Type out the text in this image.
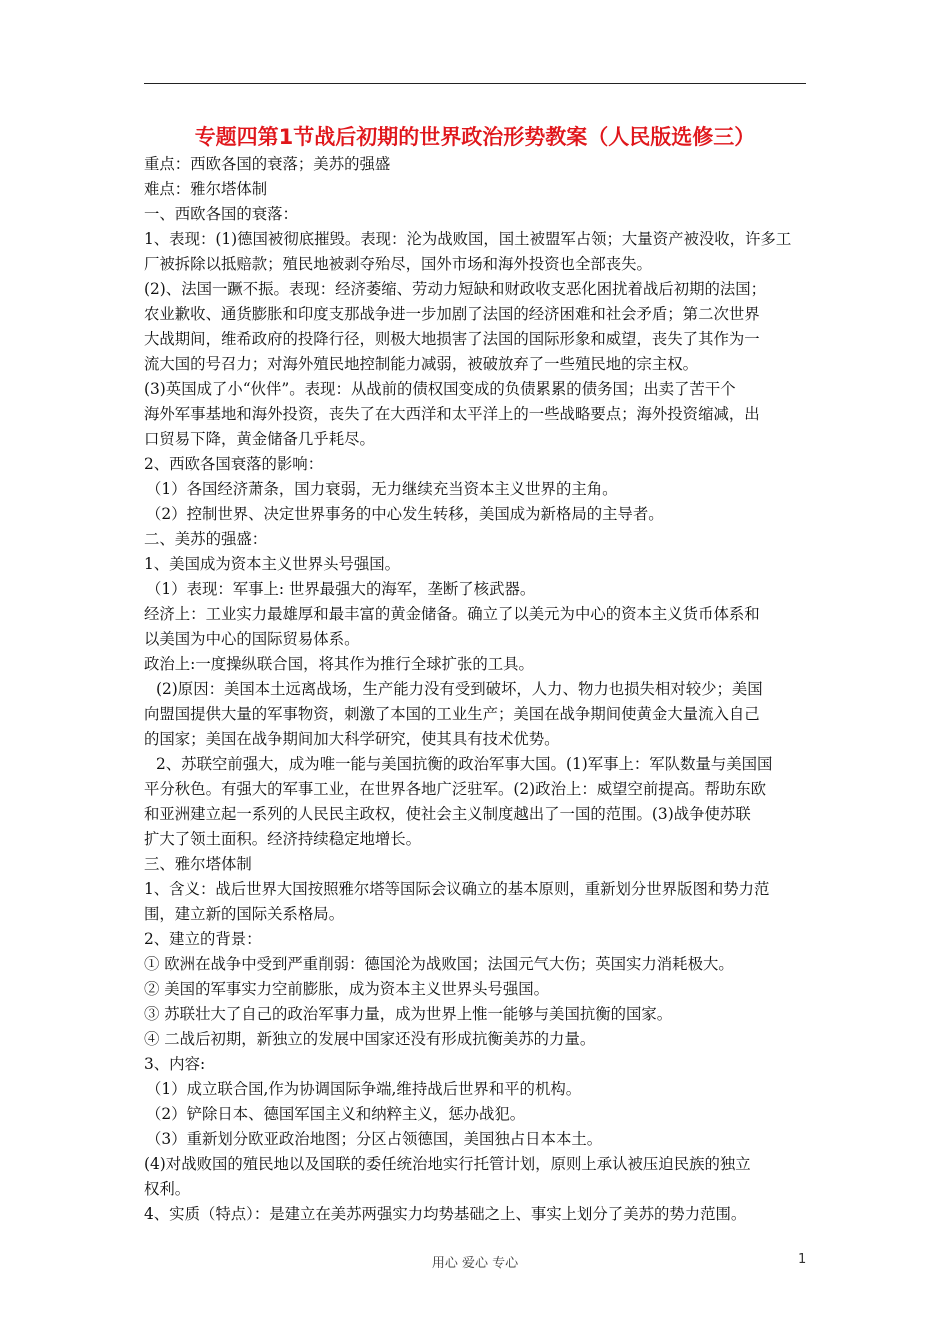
专题四第1节战后初期的世界政治形势教案（人民版选修三）

重点：西欧各国的衰落；美苏的强盛

难点：雅尔塔体制

一、西欧各国的衰落：

1、表现：(1)德国被彻底摧毁。表现：沦为战败国，国土被盟军占领；大量资产被没收，许多工

厂被拆除以抵赔款；殖民地被剥夺殆尽，国外市场和海外投资也全部丧失。

(2)、法国一蹶不振。表现：经济萎缩、劳动力短缺和财政收支恶化困扰着战后初期的法国；

农业歉收、通货膨胀和印度支那战争进一步加剧了法国的经济困难和社会矛盾；第二次世界

大战期间，维希政府的投降行径，则极大地损害了法国的国际形象和威望，丧失了其作为一

流大国的号召力；对海外殖民地控制能力减弱，被破放弃了一些殖民地的宗主权。

(3)英国成了小“伙伴”。表现：从战前的债权国变成的负债累累的债务国；出卖了苦干个

海外军事基地和海外投资，丧失了在大西洋和太平洋上的一些战略要点；海外投资缩减，出

口贸易下降，黄金储备几乎耗尽。

2、西欧各国衰落的影响：

（1）各国经济萧条，国力衰弱，无力继续充当资本主义世界的主角。

（2）控制世界、决定世界事务的中心发生转移，美国成为新格局的主导者。

二、美苏的强盛：

1、美国成为资本主义世界头号强国。

（1）表现：军事上: 世界最强大的海军，垄断了核武器。

经济上：工业实力最雄厚和最丰富的黄金储备。确立了以美元为中心的资本主义货币体系和

以美国为中心的国际贸易体系。

政治上:一度操纵联合国，将其作为推行全球扩张的工具。

(2)原因：美国本土远离战场，生产能力没有受到破坏，人力、物力也损失相对较少；美国

向盟国提供大量的军事物资，刺激了本国的工业生产；美国在战争期间使黄金大量流入自己

的国家；美国在战争期间加大科学研究，使其具有技术优势。

2、苏联空前强大，成为唯一能与美国抗衡的政治军事大国。(1)军事上：军队数量与美国国

平分秋色。有强大的军事工业，在世界各地广泛驻军。(2)政治上：威望空前提高。帮助东欧

和亚洲建立起一系列的人民民主政权，使社会主义制度越出了一国的范围。(3)战争使苏联

扩大了领土面积。经济持续稳定地增长。

三、雅尔塔体制

1、含义：战后世界大国按照雅尔塔等国际会议确立的基本原则，重新划分世界版图和势力范

围，建立新的国际关系格局。

2、建立的背景：

① 欧洲在战争中受到严重削弱：德国沦为战败国；法国元气大伤；英国实力消耗极大。

② 美国的军事实力空前膨胀，成为资本主义世界头号强国。

③ 苏联壮大了自己的政治军事力量，成为世界上惟一能够与美国抗衡的国家。

④ 二战后初期，新独立的发展中国家还没有形成抗衡美苏的力量。

3、内容:

（1）成立联合国,作为协调国际争端,维持战后世界和平的机构。

（2）铲除日本、德国军国主义和纳粹主义，惩办战犯。

（3）重新划分欧亚政治地图；分区占领德国，美国独占日本本土。

(4)对战败国的殖民地以及国联的委任统治地实行托管计划，原则上承认被压迫民族的独立

权利。

4、实质（特点）：是建立在美苏两强实力均势基础之上、事实上划分了美苏的势力范围。

用心 爱心 专心	1
